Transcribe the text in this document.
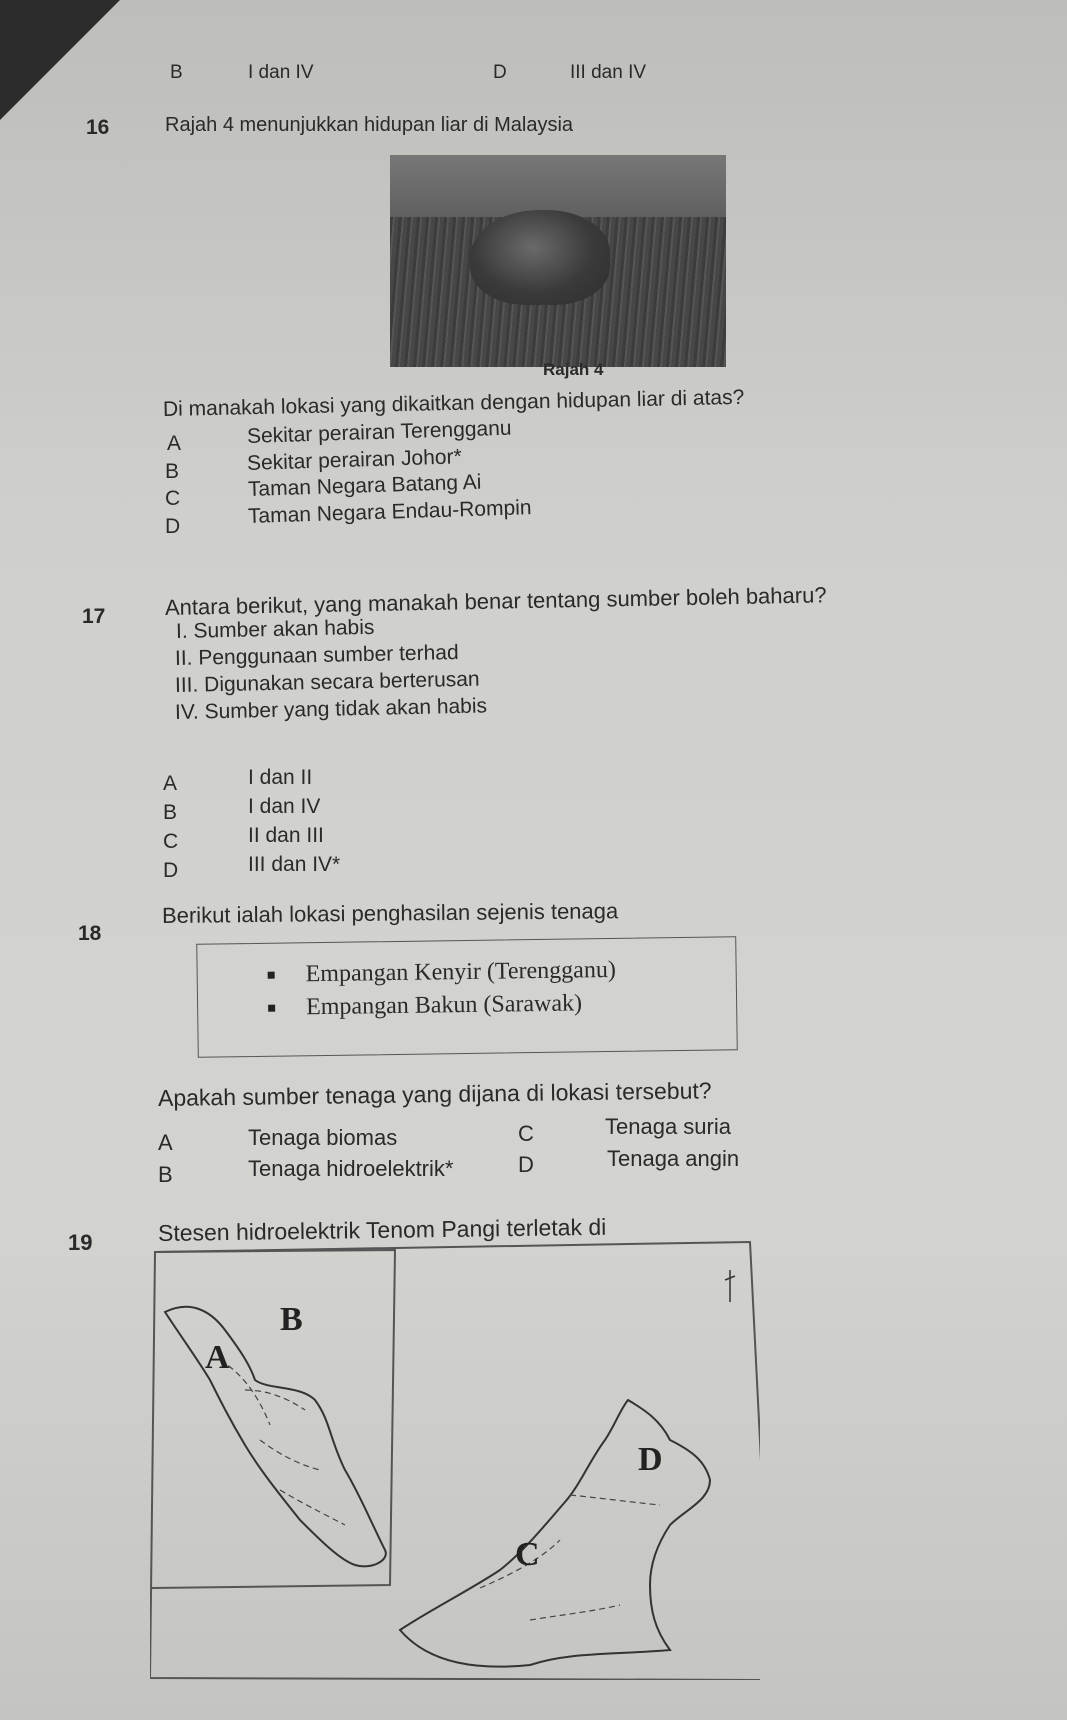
B	I dan IV	D	III dan IV
16	Rajah 4 menunjukkan hidupan liar di Malaysia
Rajah 4
Di manakah lokasi yang dikaitkan dengan hidupan liar di atas?
A	Sekitar perairan Terengganu
B	Sekitar perairan Johor*
C	Taman Negara Batang Ai
D	Taman Negara Endau-Rompin
17	Antara berikut, yang manakah benar tentang sumber boleh baharu?
I. Sumber akan habis
II. Penggunaan sumber terhad
III. Digunakan secara berterusan
IV. Sumber yang tidak akan habis
A	I dan II
B	I dan IV
C	II dan III
D	III dan IV*
18
Berikut ialah lokasi penghasilan sejenis tenaga
Empangan Kenyir (Terengganu)
Empangan Bakun (Sarawak)
Apakah sumber tenaga yang dijana di lokasi tersebut?
A	Tenaga biomas
B	Tenaga hidroelektrik*
C	Tenaga suria
D	Tenaga angin
19	Stesen hidroelektrik Tenom Pangi terletak di
B
A
C
D
